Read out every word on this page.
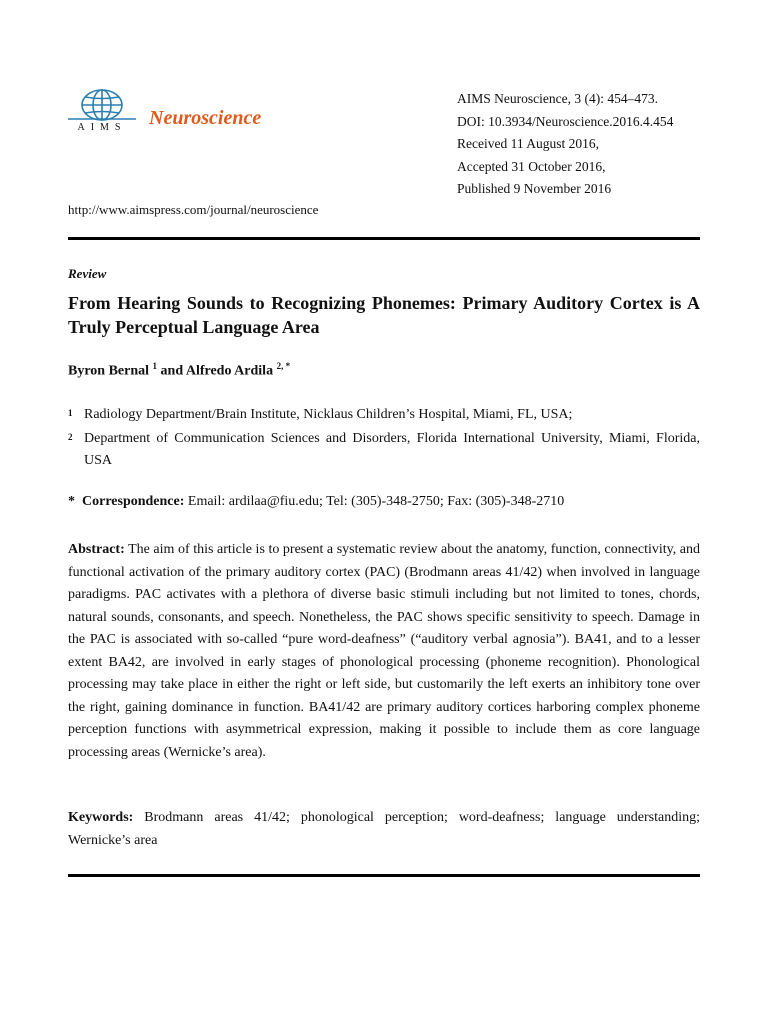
AIMS Neuroscience
AIMS Neuroscience, 3 (4): 454–473.
DOI: 10.3934/Neuroscience.2016.4.454
Received 11 August 2016,
Accepted 31 October 2016,
Published 9 November 2016
http://www.aimspress.com/journal/neuroscience
Review
From Hearing Sounds to Recognizing Phonemes: Primary Auditory Cortex is A Truly Perceptual Language Area
Byron Bernal $^1$ and Alfredo Ardila $^{2, *}$
1 Radiology Department/Brain Institute, Nicklaus Children’s Hospital, Miami, FL, USA;
2 Department of Communication Sciences and Disorders, Florida International University, Miami, Florida, USA
* Correspondence: Email: ardilaa@fiu.edu; Tel: (305)-348-2750; Fax: (305)-348-2710
Abstract: The aim of this article is to present a systematic review about the anatomy, function, connectivity, and functional activation of the primary auditory cortex (PAC) (Brodmann areas 41/42) when involved in language paradigms. PAC activates with a plethora of diverse basic stimuli including but not limited to tones, chords, natural sounds, consonants, and speech. Nonetheless, the PAC shows specific sensitivity to speech. Damage in the PAC is associated with so-called “pure word-deafness” (“auditory verbal agnosia”). BA41, and to a lesser extent BA42, are involved in early stages of phonological processing (phoneme recognition). Phonological processing may take place in either the right or left side, but customarily the left exerts an inhibitory tone over the right, gaining dominance in function. BA41/42 are primary auditory cortices harboring complex phoneme perception functions with asymmetrical expression, making it possible to include them as core language processing areas (Wernicke’s area).
Keywords: Brodmann areas 41/42; phonological perception; word-deafness; language understanding; Wernicke’s area
